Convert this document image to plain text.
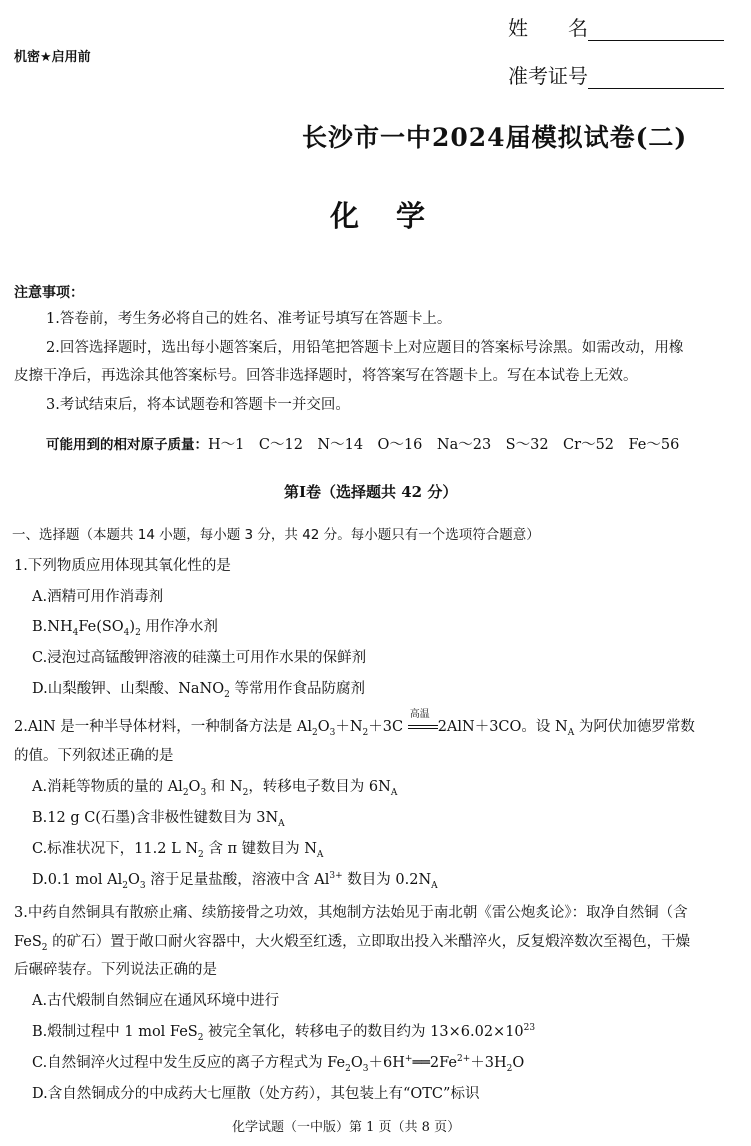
机密★启用前
姓　　名
准考证号
长沙市一中2024届模拟试卷(二)
化　学
注意事项：
1.答卷前，考生务必将自己的姓名、准考证号填写在答题卡上。
2.回答选择题时，选出每小题答案后，用铅笔把答题卡上对应题目的答案标号涂黑。如需改动，用橡
皮擦干净后，再选涂其他答案标号。回答非选择题时，将答案写在答题卡上。写在本试卷上无效。
3.考试结束后，将本试题卷和答题卡一并交回。
可能用到的相对原子质量：H～1　C～12　N～14　O～16　Na～23　S～32　Cr～52　Fe～56
第Ⅰ卷（选择题共 42 分）
一、选择题（本题共 14 小题，每小题 3 分，共 42 分。每小题只有一个选项符合题意）
1.下列物质应用体现其氧化性的是
A.酒精可用作消毒剂
$B.NH_4Fe(SO_4)_2$ 用作净水剂
C.浸泡过高锰酸钾溶液的硅藻土可用作水果的保鲜剂
D.山梨酸钾、山梨酸、NaNO$_2$ 等常用作食品防腐剂
2.AlN 是一种半导体材料，一种制备方法是 $Al_2O_3+N_2+3C$
高温
2AlN＋3CO。设 $N_A$ 为阿伏加德罗常数
的值。下列叙述正确的是
A.消耗等物质的量的 $Al_2O_3$ 和 $N_2$，转移电子数目为 $6N_A$
B.12 g C(石墨)含非极性键数目为 $3N_A$
C.标准状况下，11.2 L $N_2$ 含 π 键数目为 $N_A$
D.0.1 mol $Al_2O_3$ 溶于足量盐酸，溶液中含 $Al^{3+}$ 数目为 $0.2N_A$
3.中药自然铜具有散瘀止痛、续筋接骨之功效，其炮制方法始见于南北朝《雷公炮炙论》：取净自然铜（含
FeS$_2$ 的矿石）置于敞口耐火容器中，大火煅至红透，立即取出投入米醋淬火，反复煅淬数次至褐色，干燥
后碾碎装存。下列说法正确的是
A.古代煅制自然铜应在通风环境中进行
B.煅制过程中 1 mol FeS$_2$ 被完全氧化，转移电子的数目约为 $13\times 6.02\times 10^{23}$
C.自然铜淬火过程中发生反应的离子方程式为 $Fe_2O_3+6H^+══2Fe^{2+}+3H_2O$
D.含自然铜成分的中成药大七厘散（处方药），其包装上有“OTC”标识
化学试题（一中版）第 1 页（共 8 页）
